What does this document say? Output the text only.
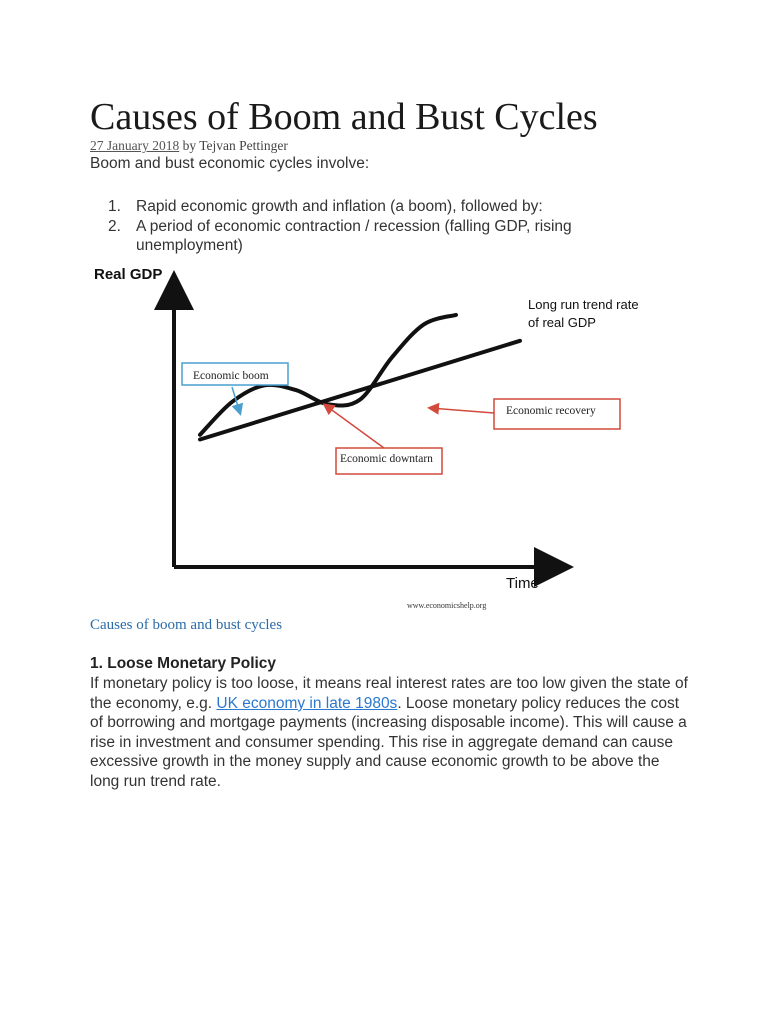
Causes of Boom and Bust Cycles
27 January 2018 by Tejvan Pettinger
Boom and bust economic cycles involve:
1. Rapid economic growth and inflation (a boom), followed by:
2. A period of economic contraction / recession (falling GDP, rising unemployment)
Real GDP
Time
Long run trend rate
of real GDP
Economic boom
Economic downtarn
Economic recovery
www.economicshelp.org
Causes of boom and bust cycles
1. Loose Monetary Policy
If monetary policy is too loose, it means real interest rates are too low given the state of the economy, e.g. UK economy in late 1980s. Loose monetary policy reduces the cost of borrowing and mortgage payments (increasing disposable income). This will cause a rise in investment and consumer spending. This rise in aggregate demand can cause excessive growth in the money supply and cause economic growth to be above the long run trend rate.
